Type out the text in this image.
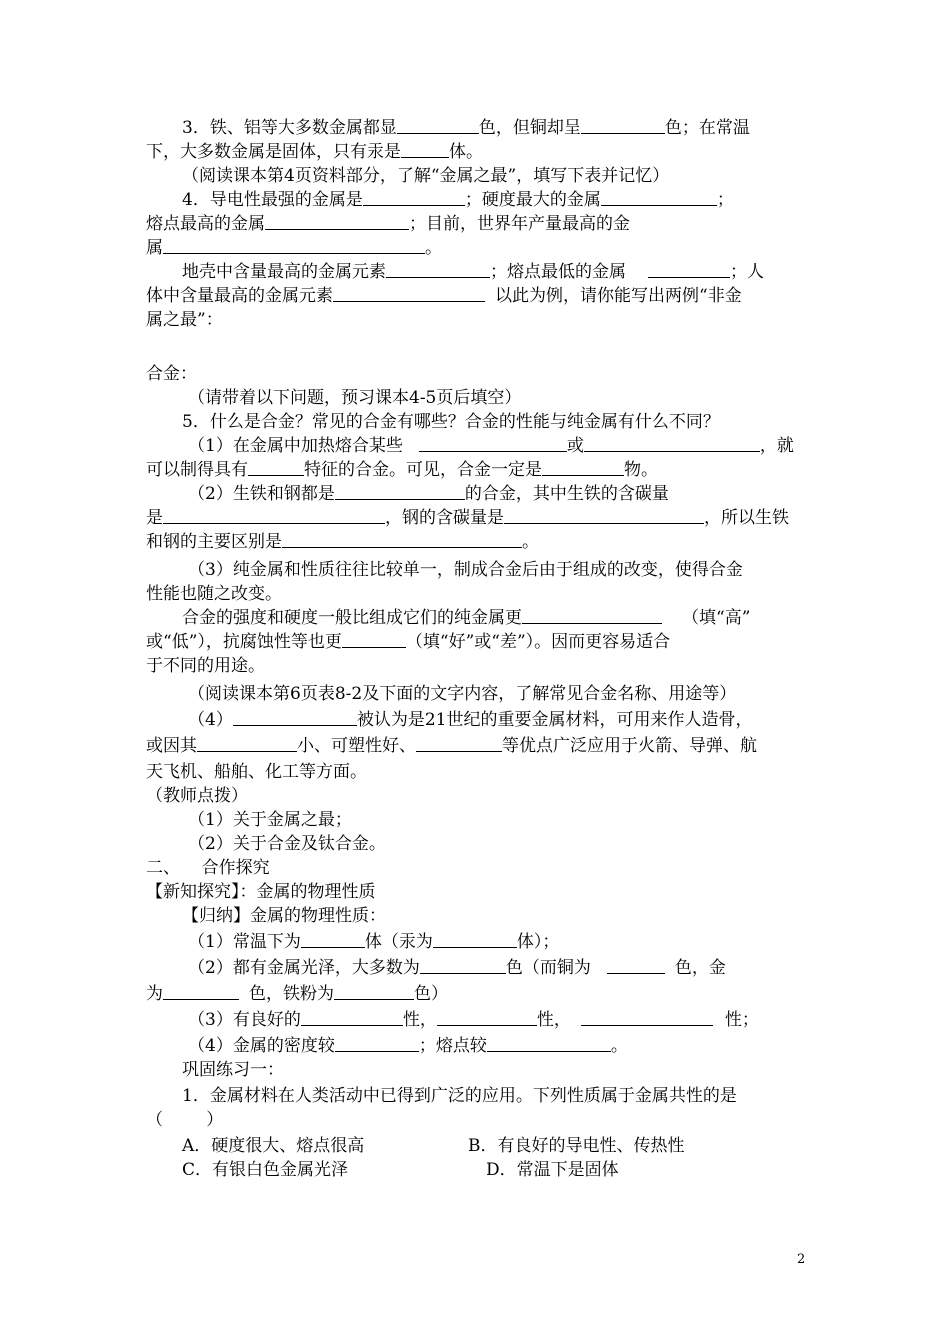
3．铁、铝等大多数金属都显	色，但铜却呈	色；在常温
下，大多数金属是固体，只有汞是	体。
（阅读课本第4页资料部分，了解“金属之最”，填写下表并记忆）
4．导电性最强的金属是	；硬度最大的金属	；
熔点最高的金属	；目前，世界年产量最高的金
属	。
地壳中含量最高的金属元素	；熔点最低的金属	；人
体中含量最高的金属元素	以此为例，请你能写出两例“非金
属之最”：
合金：
（请带着以下问题，预习课本4-5页后填空）
5．什么是合金？常见的合金有哪些？合金的性能与纯金属有什么不同？
（1）在金属中加热熔合某些	或	，就
可以制得具有	特征的合金。可见，合金一定是	物。
（2）生铁和钢都是	的合金，其中生铁的含碳量
是	，钢的含碳量是	，所以生铁
和钢的主要区别是	。
（3）纯金属和性质往往比较单一，制成合金后由于组成的改变，使得合金
性能也随之改变。
合金的强度和硬度一般比组成它们的纯金属更	（填“高”
或“低”），抗腐蚀性等也更	（填“好”或“差”）。因而更容易适合
于不同的用途。
（阅读课本第6页表8-2及下面的文字内容，了解常见合金名称、用途等）
（4）	被认为是21世纪的重要金属材料，可用来作人造骨，
或因其	小、可塑性好、	等优点广泛应用于火箭、导弹、航
天飞机、船舶、化工等方面。
（教师点拨）
（1）关于金属之最；
（2）关于合金及钛合金。
二、    合作探究
【新知探究】：金属的物理性质
【归纳】金属的物理性质：
（1）常温下为	体（汞为	体）；
（2）都有金属光泽，大多数为	色（而铜为	色，金
为	色，铁粉为	色）
（3）有良好的	性，	性，	性；
（4）金属的密度较	；熔点较	。
巩固练习一：
1．金属材料在人类活动中已得到广泛的应用。下列性质属于金属共性的是
（        ）
A．硬度很大、熔点很高	B．有良好的导电性、传热性
C．有银白色金属光泽	D．常温下是固体
2
